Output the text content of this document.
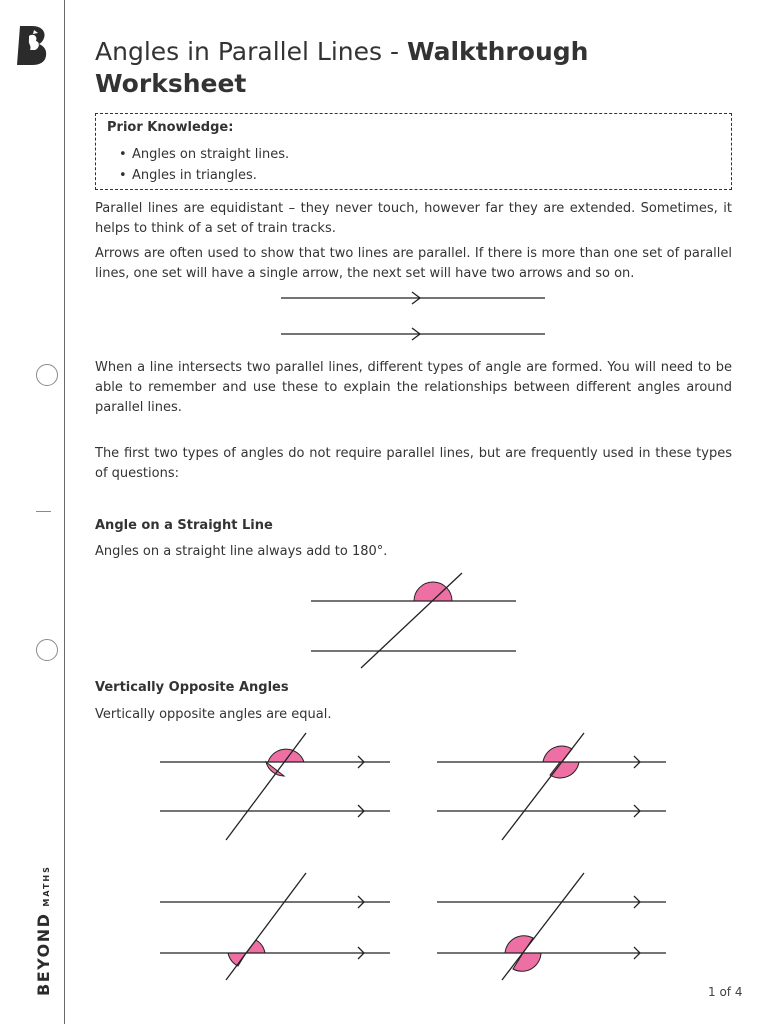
BEYOND
MATHS
Angles in Parallel Lines - Walkthrough Worksheet
Prior Knowledge:
• Angles on straight lines.
• Angles in triangles.

Parallel lines are equidistant – they never touch, however far they are extended. Sometimes, it helps to think of a set of train tracks.

Arrows are often used to show that two lines are parallel. If there is more than one set of parallel lines, one set will have a single arrow, the next set will have two arrows and so on.

When a line intersects two parallel lines, different types of angle are formed. You will need to be able to remember and use these to explain the relationships between different angles around parallel lines.

The first two types of angles do not require parallel lines, but are frequently used in these types of questions:

Angle on a Straight Line

Angles on a straight line always add to 180°.

Vertically Opposite Angles

Vertically opposite angles are equal.

1 of 4
